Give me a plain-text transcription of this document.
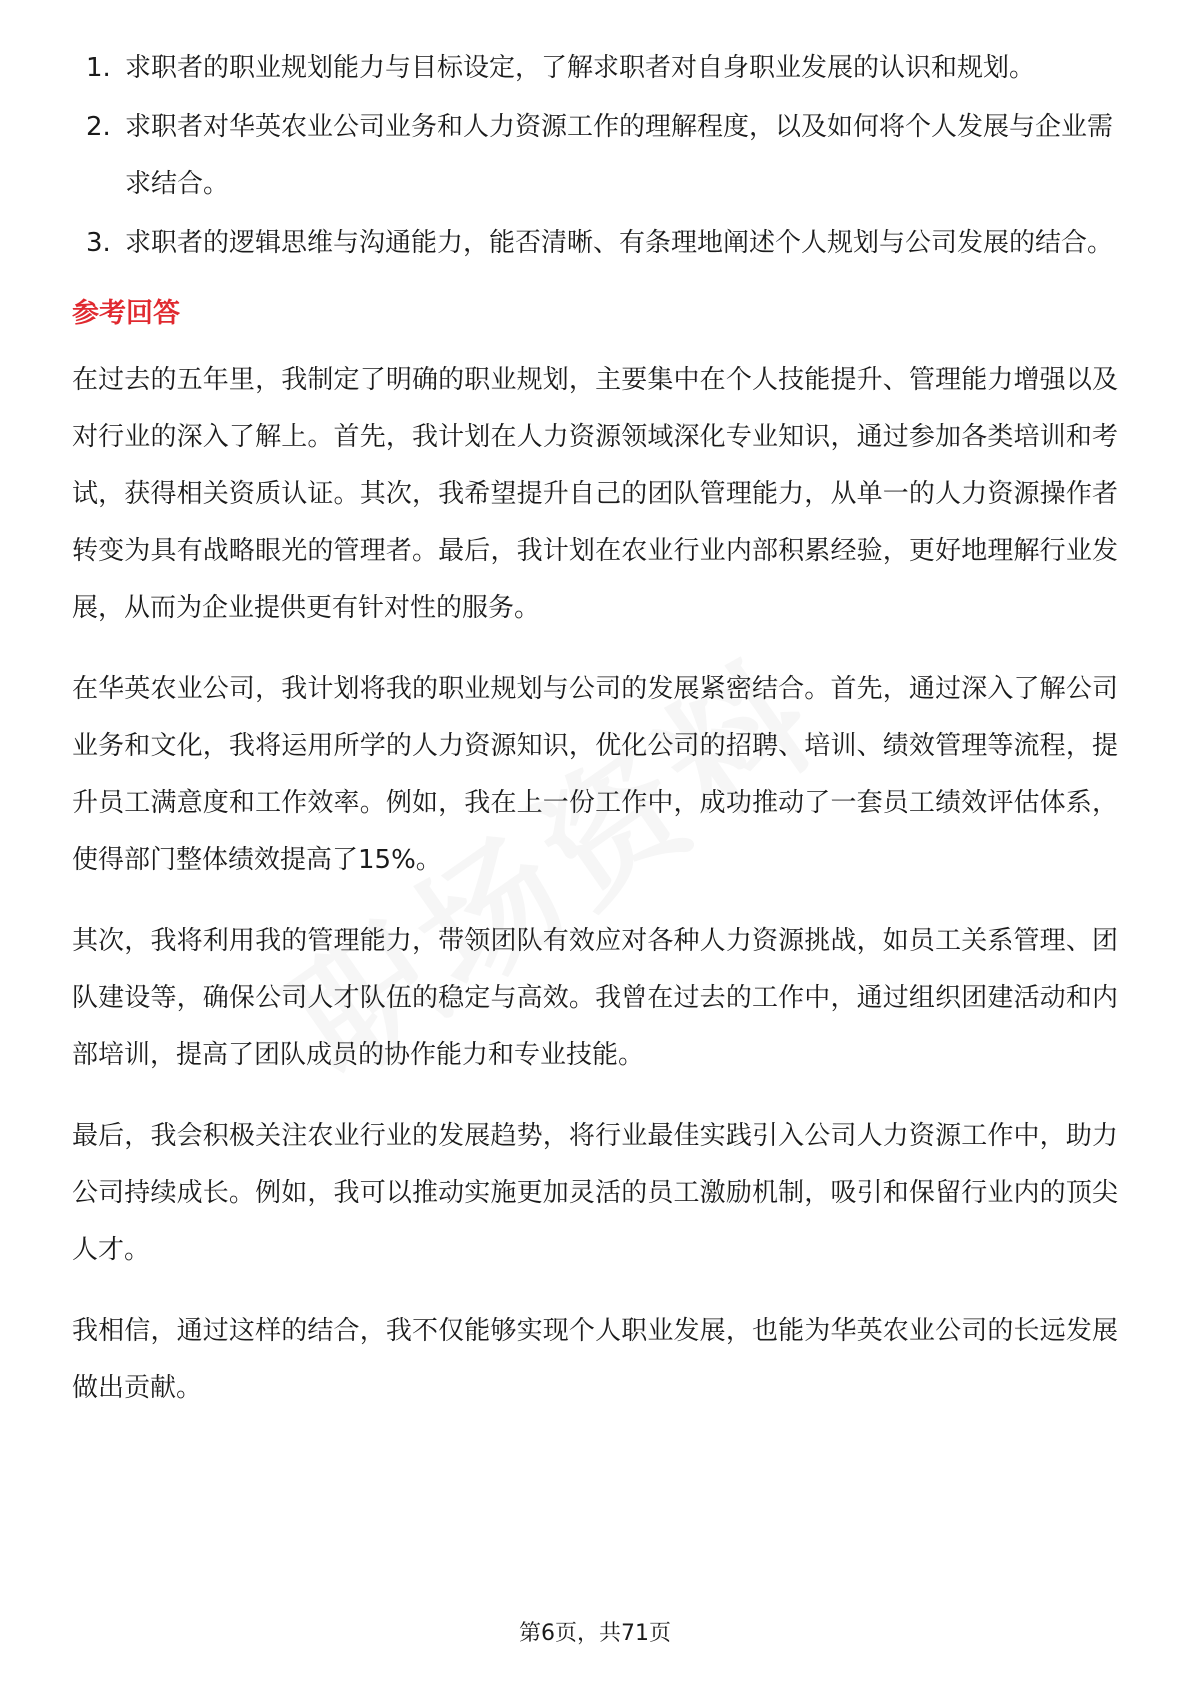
1. 求职者的职业规划能力与目标设定，了解求职者对自身职业发展的认识和规划。
2. 求职者对华英农业公司业务和人力资源工作的理解程度，以及如何将个人发展与企业需求结合。
3. 求职者的逻辑思维与沟通能力，能否清晰、有条理地阐述个人规划与公司发展的结合。
参考回答

在过去的五年里，我制定了明确的职业规划，主要集中在个人技能提升、管理能力增强以及对行业的深入了解上。首先，我计划在人力资源领域深化专业知识，通过参加各类培训和考试，获得相关资质认证。其次，我希望提升自己的团队管理能力，从单一的人力资源操作者转变为具有战略眼光的管理者。最后，我计划在农业行业内部积累经验，更好地理解行业发展，从而为企业提供更有针对性的服务。

在华英农业公司，我计划将我的职业规划与公司的发展紧密结合。首先，通过深入了解公司业务和文化，我将运用所学的人力资源知识，优化公司的招聘、培训、绩效管理等流程，提升员工满意度和工作效率。例如，我在上一份工作中，成功推动了一套员工绩效评估体系，使得部门整体绩效提高了15%。

其次，我将利用我的管理能力，带领团队有效应对各种人力资源挑战，如员工关系管理、团队建设等，确保公司人才队伍的稳定与高效。我曾在过去的工作中，通过组织团建活动和内部培训，提高了团队成员的协作能力和专业技能。

最后，我会积极关注农业行业的发展趋势，将行业最佳实践引入公司人力资源工作中，助力公司持续成长。例如，我可以推动实施更加灵活的员工激励机制，吸引和保留行业内的顶尖人才。

我相信，通过这样的结合，我不仅能够实现个人职业发展，也能为华英农业公司的长远发展做出贡献。

第6页，共71页
